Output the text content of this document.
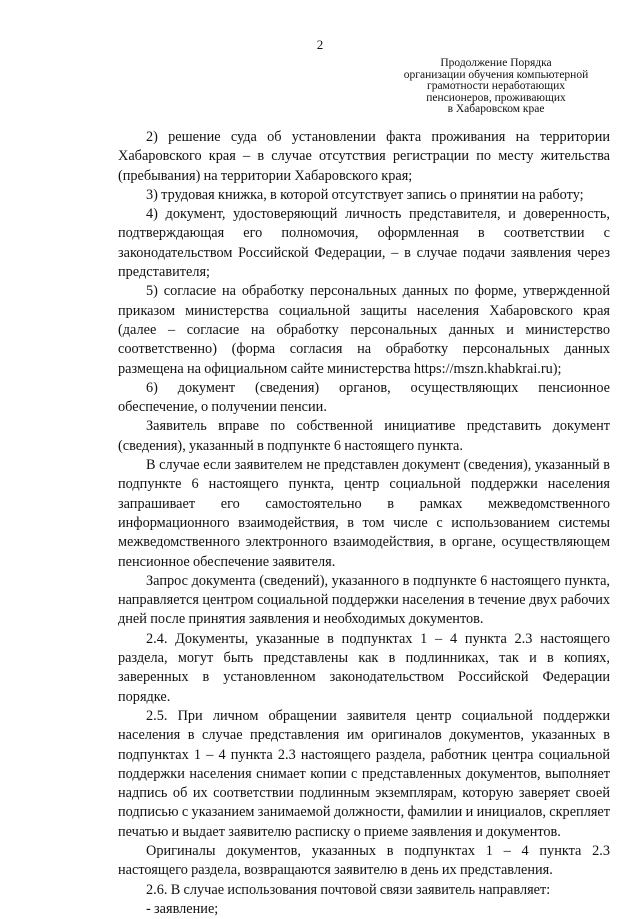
2
Продолжение Порядка
организации обучения компьютерной
грамотности неработающих
пенсионеров, проживающих
в Хабаровском крае

2) решение суда об установлении факта проживания на территории Хабаровского края – в случае отсутствия регистрации по месту жительства (пребывания) на территории Хабаровского края;

3) трудовая книжка, в которой отсутствует запись о принятии на работу;

4) документ, удостоверяющий личность представителя, и доверенность, подтверждающая его полномочия, оформленная в соответствии с законодательством Российской Федерации, – в случае подачи заявления через представителя;

5) согласие на обработку персональных данных по форме, утвержденной приказом министерства социальной защиты населения Хабаровского края (далее – согласие на обработку персональных данных и министерство соответственно) (форма согласия на обработку персональных данных размещена на официальном сайте министерства https://mszn.khabkrai.ru);

6) документ (сведения) органов, осуществляющих пенсионное обеспечение, о получении пенсии.

Заявитель вправе по собственной инициативе представить документ (сведения), указанный в подпункте 6 настоящего пункта.

В случае если заявителем не представлен документ (сведения), указанный в подпункте 6 настоящего пункта, центр социальной поддержки населения запрашивает его самостоятельно в рамках межведомственного информационного взаимодействия, в том числе с использованием системы межведомственного электронного взаимодействия, в органе, осуществляющем пенсионное обеспечение заявителя.

Запрос документа (сведений), указанного в подпункте 6 настоящего пункта, направляется центром социальной поддержки населения в течение двух рабочих дней после принятия заявления и необходимых документов.

2.4. Документы, указанные в подпунктах 1 – 4 пункта 2.3 настоящего раздела, могут быть представлены как в подлинниках, так и в копиях, заверенных в установленном законодательством Российской Федерации порядке.

2.5. При личном обращении заявителя центр социальной поддержки населения в случае представления им оригиналов документов, указанных в подпунктах 1 – 4 пункта 2.3 настоящего раздела, работник центра социальной поддержки населения снимает копии с представленных документов, выполняет надпись об их соответствии подлинным экземплярам, которую заверяет своей подписью с указанием занимаемой должности, фамилии и инициалов, скрепляет печатью и выдает заявителю расписку о приеме заявления и документов.

Оригиналы документов, указанных в подпунктах 1 – 4 пункта 2.3 настоящего раздела, возвращаются заявителю в день их представления.

2.6. В случае использования почтовой связи заявитель направляет:

- заявление;
